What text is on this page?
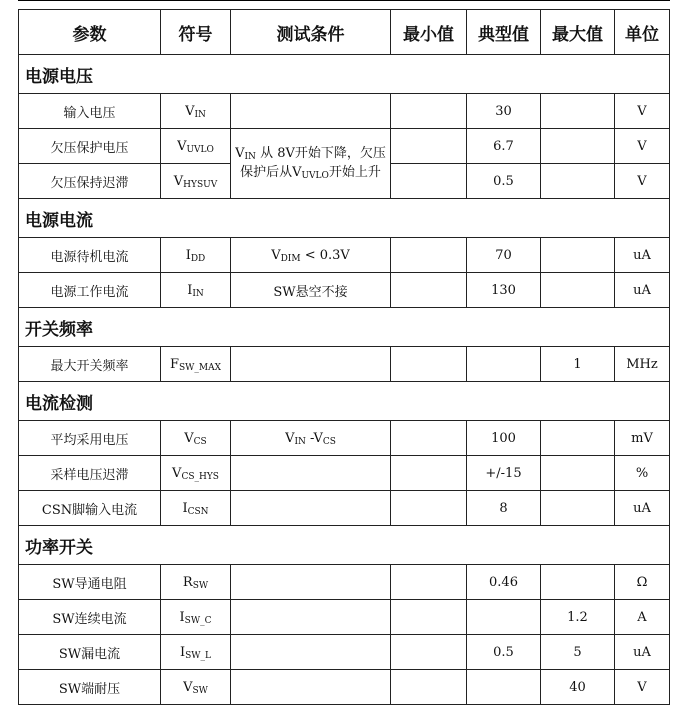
参数	符号	测试条件	最小值	典型值	最大值	单位
电源电压						
输入电压	$V_{IN}$			30		V
欠压保护电压	$V_{UVLO}$	$V_{IN}$ 从 8V开始下降，欠压保护后从$V_{UVLO}$开始上升		6.7		V
欠压保持迟滞	$V_{HYSUV}$			0.5		V
电源电流						
电源待机电流	$I_{DD}$	$V_{DIM} < 0.3V$		70		uA
电源工作电流	$I_{IN}$	SW悬空不接		130		uA
开关频率						
最大开关频率	$F_{SW\_MAX}$				1	MHz
电流检测						
平均采用电压	$V_{CS}$	$V_{IN}$ $-V_{CS}$		100		mV
采样电压迟滞	$V_{CS\_HYS}$			+/-15		%
CSN脚输入电流	$I_{CSN}$			8		uA
功率开关						
SW导通电阻	$R_{SW}$			0.46		Ω
SW连续电流	$I_{SW\_C}$				1.2	A
SW漏电流	$I_{SW\_L}$			0.5	5	uA
SW端耐压	$V_{SW}$				40	V
